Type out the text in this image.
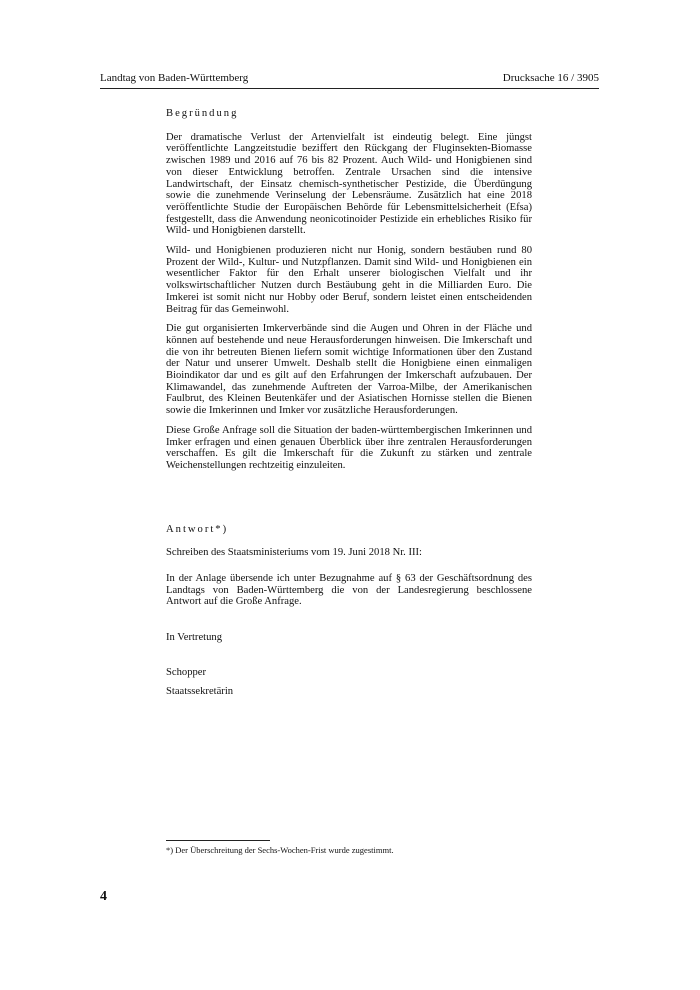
Landtag von Baden-Württemberg	Drucksache 16 / 3905
Begründung

Der dramatische Verlust der Artenvielfalt ist eindeutig belegt. Eine jüngst veröffentlichte Langzeitstudie beziffert den Rückgang der Fluginsekten-Biomasse zwischen 1989 und 2016 auf 76 bis 82 Prozent. Auch Wild- und Honigbienen sind von dieser Entwicklung betroffen. Zentrale Ursachen sind die intensive Landwirtschaft, der Einsatz chemisch-synthetischer Pestizide, die Überdüngung sowie die zunehmende Verinselung der Lebensräume. Zusätzlich hat eine 2018 veröffentlichte Studie der Europäischen Behörde für Lebensmittelsicherheit (Efsa) festgestellt, dass die Anwendung neonicotinoider Pestizide ein erhebliches Risiko für Wild- und Honigbienen darstellt.

Wild- und Honigbienen produzieren nicht nur Honig, sondern bestäuben rund 80 Prozent der Wild-, Kultur- und Nutzpflanzen. Damit sind Wild- und Honigbienen ein wesentlicher Faktor für den Erhalt unserer biologischen Vielfalt und ihr volkswirtschaftlicher Nutzen durch Bestäubung geht in die Milliarden Euro. Die Imkerei ist somit nicht nur Hobby oder Beruf, sondern leistet einen entscheidenden Beitrag für das Gemeinwohl.

Die gut organisierten Imkerverbände sind die Augen und Ohren in der Fläche und können auf bestehende und neue Herausforderungen hinweisen. Die Imkerschaft und die von ihr betreuten Bienen liefern somit wichtige Informationen über den Zustand der Natur und unserer Umwelt. Deshalb stellt die Honigbiene einen einmaligen Bioindikator dar und es gilt auf den Erfahrungen der Imkerschaft aufzubauen. Der Klimawandel, das zunehmende Auftreten der Varroa-Milbe, der Amerikanischen Faulbrut, des Kleinen Beutenkäfer und der Asiatischen Hornisse stellen die Bienen sowie die Imkerinnen und Imker vor zusätzliche Herausforderungen.

Diese Große Anfrage soll die Situation der baden-württembergischen Imkerinnen und Imker erfragen und einen genauen Überblick über ihre zentralen Herausforderungen verschaffen. Es gilt die Imkerschaft für die Zukunft zu stärken und zentrale Weichenstellungen rechtzeitig einzuleiten.

Antwort*)
Schreiben des Staatsministeriums vom 19. Juni 2018 Nr. III:
In der Anlage übersende ich unter Bezugnahme auf § 63 der Geschäftsordnung des Landtags von Baden-Württemberg die von der Landesregierung beschlossene Antwort auf die Große Anfrage.
In Vertretung
Schopper
Staatssekretärin
*) Der Überschreitung der Sechs-Wochen-Frist wurde zugestimmt.
4
